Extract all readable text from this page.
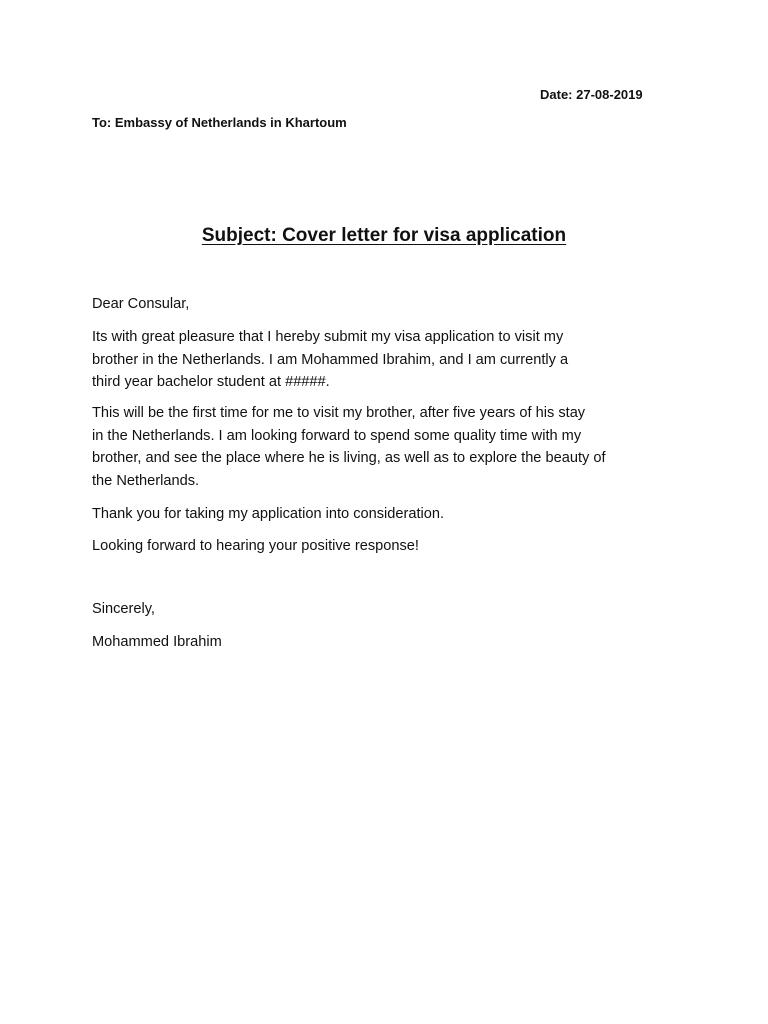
Date: 27-08-2019
To: Embassy of Netherlands in Khartoum
Subject: Cover letter for visa application
Dear Consular,
Its with great pleasure that I hereby submit my visa application to visit my
brother in the Netherlands. I am Mohammed Ibrahim, and I am currently a
third year bachelor student at #####.
This will be the first time for me to visit my brother, after five years of his stay
in the Netherlands. I am looking forward to spend some quality time with my
brother, and see the place where he is living, as well as to explore the beauty of
the Netherlands.
Thank you for taking my application into consideration.
Looking forward to hearing your positive response!
Sincerely,
Mohammed Ibrahim
